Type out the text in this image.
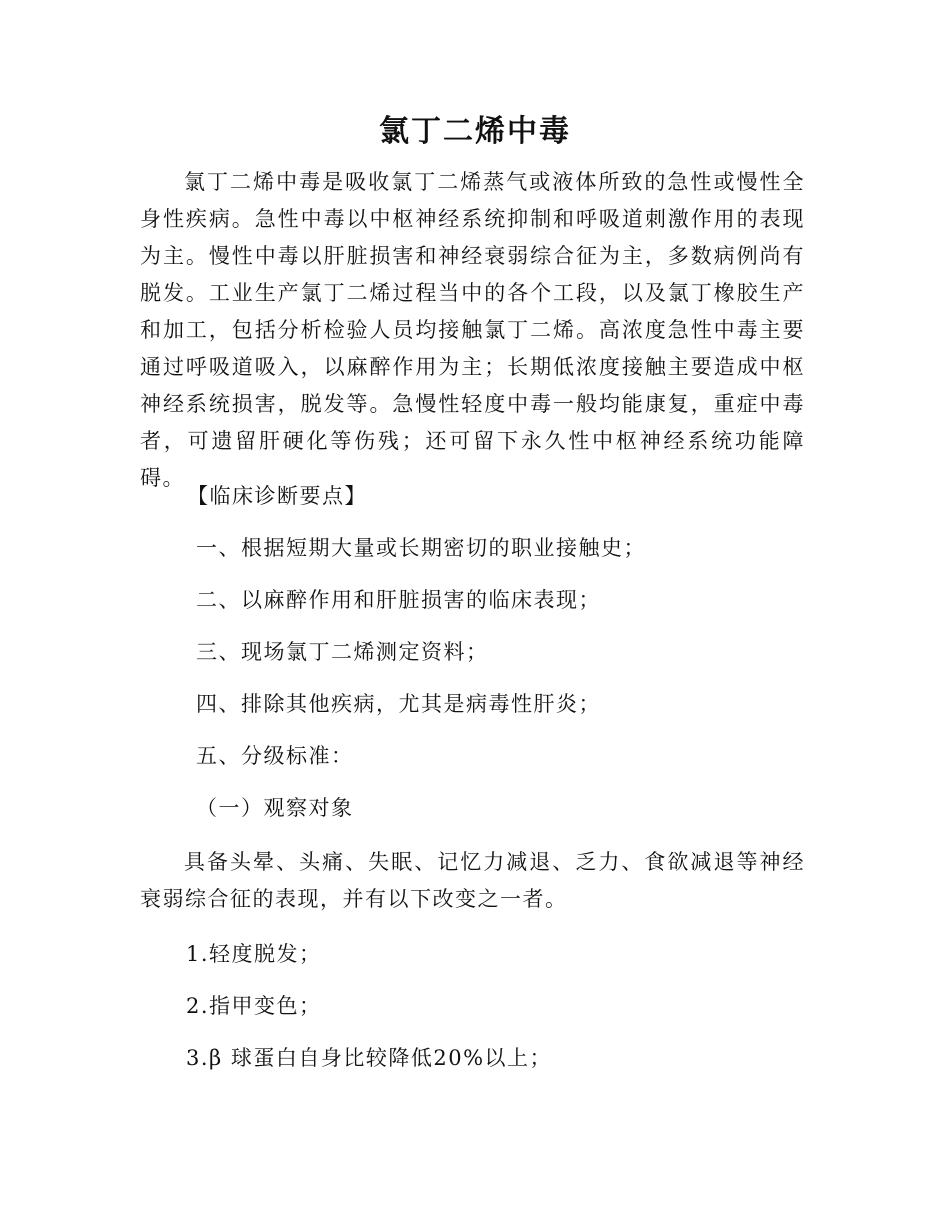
氯丁二烯中毒

氯丁二烯中毒是吸收氯丁二烯蒸气或液体所致的急性或慢性全身性疾病。急性中毒以中枢神经系统抑制和呼吸道刺激作用的表现为主。慢性中毒以肝脏损害和神经衰弱综合征为主，多数病例尚有脱发。工业生产氯丁二烯过程当中的各个工段，以及氯丁橡胶生产和加工，包括分析检验人员均接触氯丁二烯。高浓度急性中毒主要通过呼吸道吸入，以麻醉作用为主；长期低浓度接触主要造成中枢神经系统损害，脱发等。急慢性轻度中毒一般均能康复，重症中毒者，可遗留肝硬化等伤残；还可留下永久性中枢神经系统功能障碍。

【临床诊断要点】

一、根据短期大量或长期密切的职业接触史；

二、以麻醉作用和肝脏损害的临床表现；

三、现场氯丁二烯测定资料；

四、排除其他疾病，尤其是病毒性肝炎；

五、分级标准：

（一）观察对象

具备头晕、头痛、失眠、记忆力减退、乏力、食欲减退等神经衰弱综合征的表现，并有以下改变之一者。

1.轻度脱发；

2.指甲变色；

3.β 球蛋白自身比较降低20%以上；
